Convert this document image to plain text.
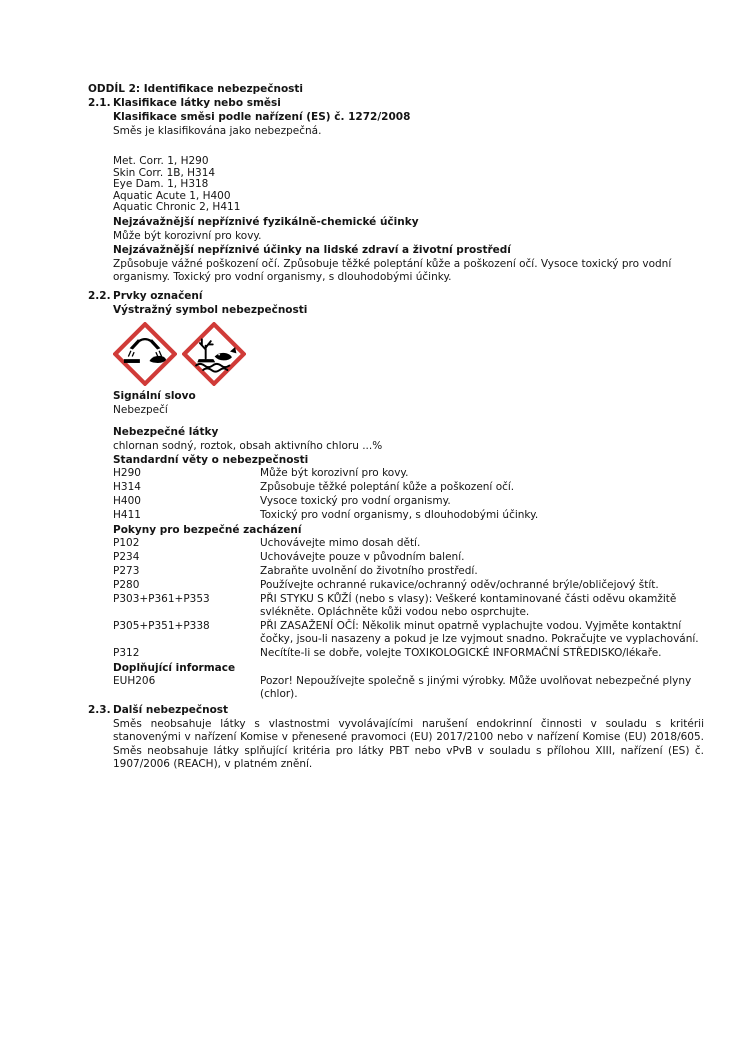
ODDÍL 2: Identifikace nebezpečnosti
2.1. Klasifikace látky nebo směsi
Klasifikace směsi podle nařízení (ES) č. 1272/2008
Směs je klasifikována jako nebezpečná.
Met. Corr. 1, H290
Skin Corr. 1B, H314
Eye Dam. 1, H318
Aquatic Acute 1, H400
Aquatic Chronic 2, H411
Nejzávažnější nepříznivé fyzikálně-chemické účinky
Může být korozivní pro kovy.
Nejzávažnější nepříznivé účinky na lidské zdraví a životní prostředí
Způsobuje vážné poškození očí. Způsobuje těžké poleptání kůže a poškození očí. Vysoce toxický pro vodní organismy. Toxický pro vodní organismy, s dlouhodobými účinky.
2.2. Prvky označení
Výstražný symbol nebezpečnosti
Signální slovo
Nebezpečí
Nebezpečné látky
chlornan sodný, roztok, obsah aktivního chloru ...%
Standardní věty o nebezpečnosti
H290	Může být korozivní pro kovy.
H314	Způsobuje těžké poleptání kůže a poškození očí.
H400	Vysoce toxický pro vodní organismy.
H411	Toxický pro vodní organismy, s dlouhodobými účinky.
Pokyny pro bezpečné zacházení
P102	Uchovávejte mimo dosah dětí.
P234	Uchovávejte pouze v původním balení.
P273	Zabraňte uvolnění do životního prostředí.
P280	Používejte ochranné rukavice/ochranný oděv/ochranné brýle/obličejový štít.
P303+P361+P353	PŘI STYKU S KŮŽÍ (nebo s vlasy): Veškeré kontaminované části oděvu okamžitě svlékněte. Opláchněte kůži vodou nebo osprchujte.
P305+P351+P338	PŘI ZASAŽENÍ OČÍ: Několik minut opatrně vyplachujte vodou. Vyjměte kontaktní čočky, jsou-li nasazeny a pokud je lze vyjmout snadno. Pokračujte ve vyplachování.
P312	Necítíte-li se dobře, volejte TOXIKOLOGICKÉ INFORMAČNÍ STŘEDISKO/lékaře.
Doplňující informace
EUH206	Pozor! Nepoužívejte společně s jinými výrobky. Může uvolňovat nebezpečné plyny (chlor).
2.3. Další nebezpečnost
Směs neobsahuje látky s vlastnostmi vyvolávajícími narušení endokrinní činnosti v souladu s kritérii stanovenými v nařízení Komise v přenesené pravomoci (EU) 2017/2100 nebo v nařízení Komise (EU) 2018/605. Směs neobsahuje látky splňující kritéria pro látky PBT nebo vPvB v souladu s přílohou XIII, nařízení (ES) č. 1907/2006 (REACH), v platném znění.
